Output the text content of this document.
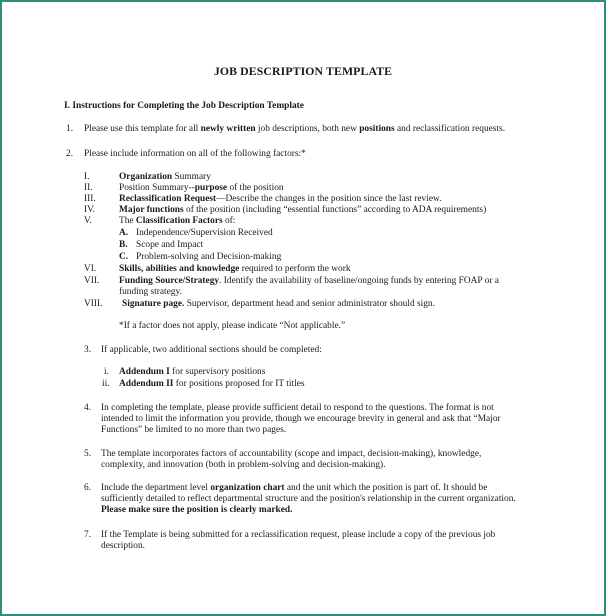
JOB DESCRIPTION TEMPLATE
I. Instructions for Completing the Job Description Template
1. Please use this template for all newly written job descriptions, both new positions and reclassification requests.
2. Please include information on all of the following factors:*
I.	Organization Summary
II.	Position Summary--purpose of the position
III. Reclassification Request—Describe the changes in the position since the last review.
IV.	Major functions of the position (including “essential functions” according to ADA requirements)
V.	The Classification Factors of:
A. Independence/Supervision Received
B. Scope and Impact
C. Problem-solving and Decision-making
VI. Skills, abilities and knowledge required to perform the work
VII. Funding Source/Strategy. Identify the availability of baseline/ongoing funds by entering FOAP or a
funding strategy.
VIII. Signature page. Supervisor, department head and senior administrator should sign.
*If a factor does not apply, please indicate “Not applicable.”
3. If applicable, two additional sections should be completed:
i. Addendum I for supervisory positions
ii. Addendum II for positions proposed for IT titles
4. In completing the template, please provide sufficient detail to respond to the questions. The format is not
intended to limit the information you provide, though we encourage brevity in general and ask that “Major
Functions” be limited to no more than two pages.
5. The template incorporates factors of accountability (scope and impact, decision-making), knowledge,
complexity, and innovation (both in problem-solving and decision-making).
6. Include the department level organization chart and the unit which the position is part of. It should be
sufficiently detailed to reflect departmental structure and the position's relationship in the current organization.
Please make sure the position is clearly marked.
7. If the Template is being submitted for a reclassification request, please include a copy of the previous job
description.
